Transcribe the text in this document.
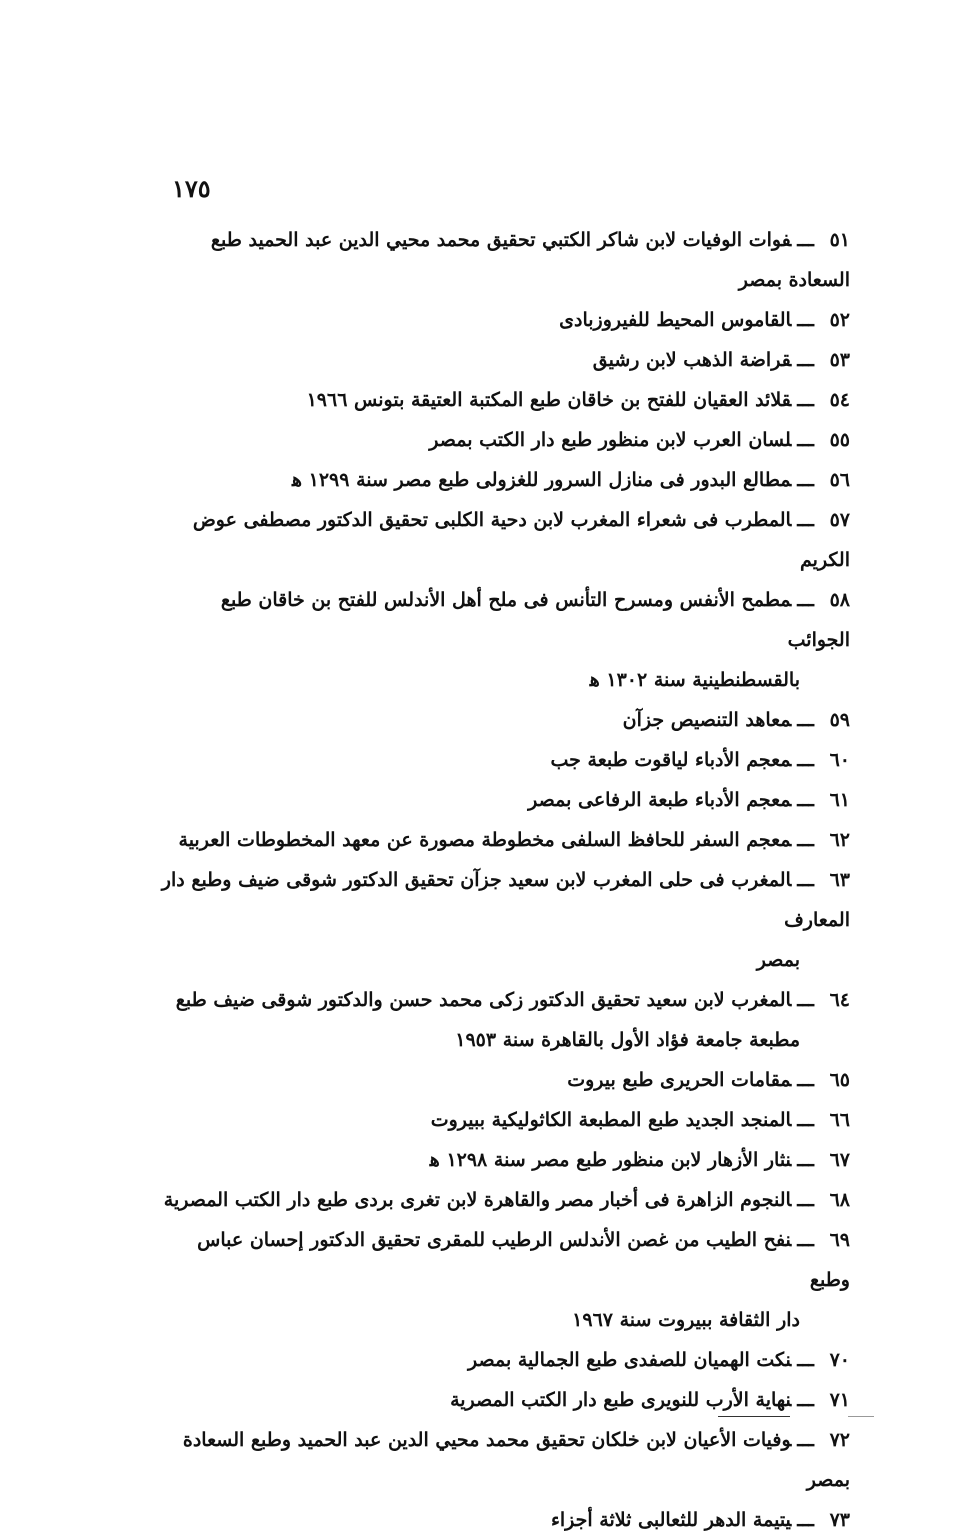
١٧٥
٥١ـــفوات الوفيات لابن شاكر الكتبي تحقيق محمد محيي الدين عبد الحميد طبع السعادة بمصر
٥٢ـــالقاموس المحيط للفيروزبادى
٥٣ـــقراضة الذهب لابن رشيق
٥٤ـــقلائد العقيان للفتح بن خاقان طبع المكتبة العتيقة بتونس ١٩٦٦
٥٥ـــلسان العرب لابن منظور طبع دار الكتب بمصر
٥٦ـــمطالع البدور فى منازل السرور للغزولى طبع مصر سنة ١٢٩٩ ﻫ
٥٧ـــالمطرب فى شعراء المغرب لابن دحية الكلبى تحقيق الدكتور مصطفى عوض الكريم
٥٨ـــمطمح الأنفس ومسرح التأنس فى ملح أهل الأندلس للفتح بن خاقان طبع الجوائب
بالقسطنطينية سنة ١٣٠٢ ﻫ
٥٩ـــمعاهد التنصيص جزآن
٦٠ـــمعجم الأدباء لياقوت طبعة جب
٦١ـــمعجم الأدباء طبعة الرفاعى بمصر
٦٢ـــمعجم السفر للحافظ السلفى مخطوطة مصورة عن معهد المخطوطات العربية
٦٣ـــالمغرب فى حلى المغرب لابن سعيد جزآن تحقيق الدكتور شوقى ضيف وطبع دار المعارف
بمصر
٦٤ـــالمغرب لابن سعيد تحقيق الدكتور زكى محمد حسن والدكتور شوقى ضيف طبع
مطبعة جامعة فؤاد الأول بالقاهرة سنة ١٩٥٣
٦٥ـــمقامات الحريرى طبع بيروت
٦٦ـــالمنجد الجديد طبع المطبعة الكاثوليكية ببيروت
٦٧ـــنثار الأزهار لابن منظور طبع مصر سنة ١٢٩٨ ﻫ
٦٨ـــالنجوم الزاهرة فى أخبار مصر والقاهرة لابن تغرى بردى طبع دار الكتب المصرية
٦٩ـــنفح الطيب من غصن الأندلس الرطيب للمقرى تحقيق الدكتور إحسان عباس وطبع
دار الثقافة ببيروت سنة ١٩٦٧
٧٠ـــنكت الهميان للصفدى طبع الجمالية بمصر
٧١ـــنهاية الأرب للنويرى طبع دار الكتب المصرية
٧٢ـــوفيات الأعيان لابن خلكان تحقيق محمد محيي الدين عبد الحميد وطبع السعادة بمصر
٧٣ـــيتيمة الدهر للثعالبى ثلاثة أجزاء
